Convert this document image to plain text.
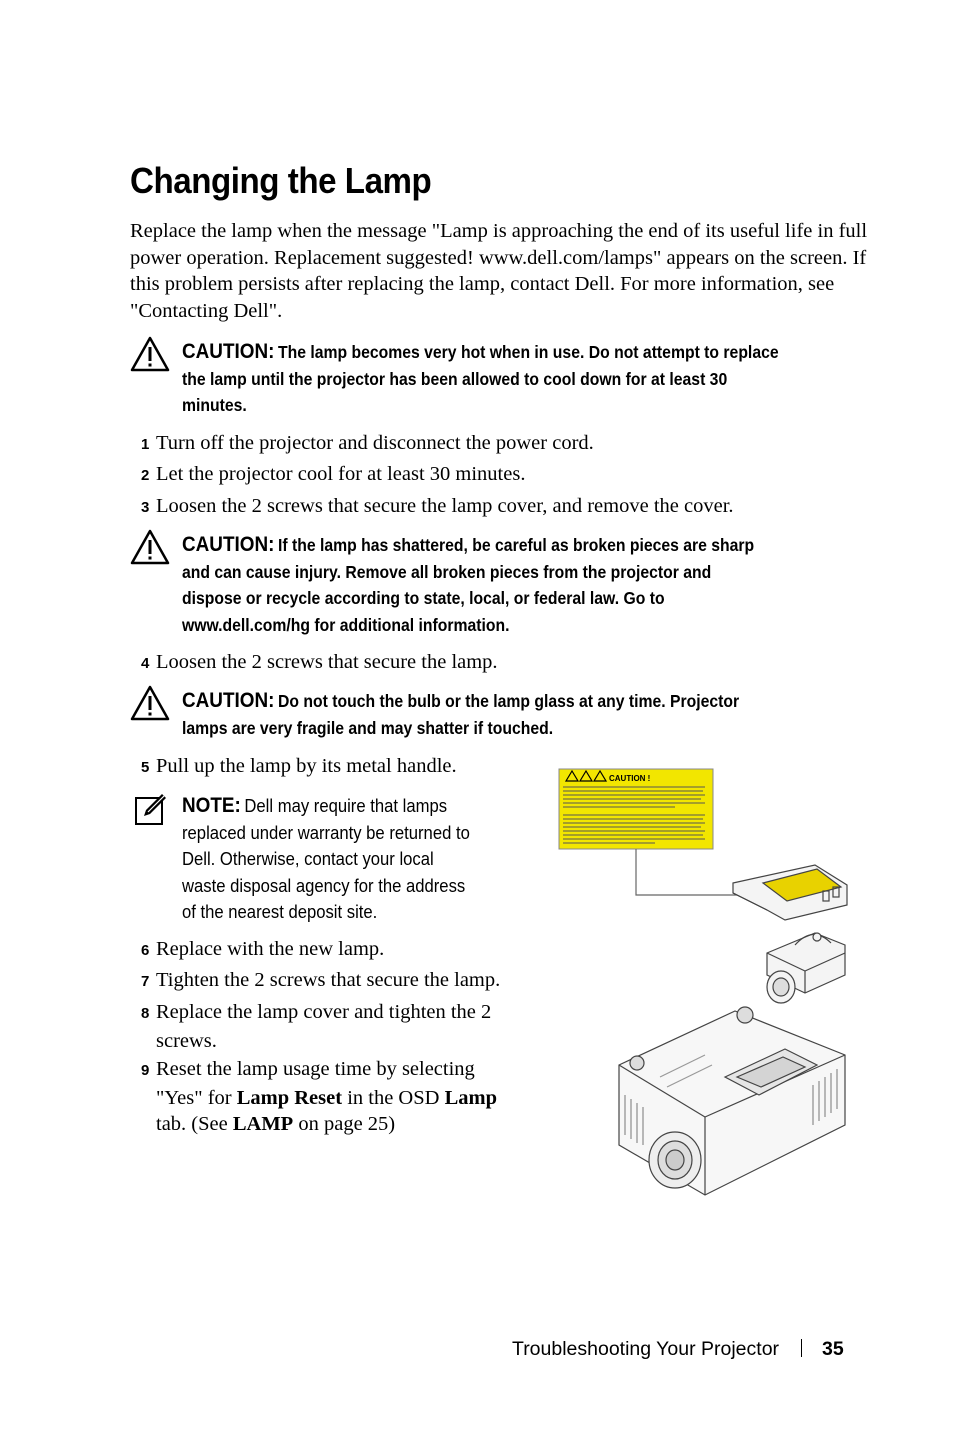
Changing the Lamp
Replace the lamp when the message "Lamp is approaching the end of its useful life in full power operation. Replacement suggested! www.dell.com/lamps" appears on the screen. If this problem persists after replacing the lamp, contact Dell. For more information, see "Contacting Dell".
CAUTION: The lamp becomes very hot when in use. Do not attempt to replace
the lamp until the projector has been allowed to cool down for at least 30
minutes.
1 Turn off the projector and disconnect the power cord.
2 Let the projector cool for at least 30 minutes.
3 Loosen the 2 screws that secure the lamp cover, and remove the cover.
CAUTION: If the lamp has shattered, be careful as broken pieces are sharp
and can cause injury. Remove all broken pieces from the projector and
dispose or recycle according to state, local, or federal law. Go to
www.dell.com/hg for additional information.
4 Loosen the 2 screws that secure the lamp.
CAUTION: Do not touch the bulb or the lamp glass at any time. Projector
lamps are very fragile and may shatter if touched.
5 Pull up the lamp by its metal handle.
NOTE: Dell may require that lamps
replaced under warranty be returned to
Dell. Otherwise, contact your local
waste disposal agency for the address
of the nearest deposit site.
6 Replace with the new lamp.
7 Tighten the 2 screws that secure the lamp.
8 Replace the lamp cover and tighten the 2
screws.
9 Reset the lamp usage time by selecting
"Yes" for Lamp Reset in the OSD Lamp
tab. (See LAMP on page 25)
CAUTION !
Troubleshooting Your Projector 35
